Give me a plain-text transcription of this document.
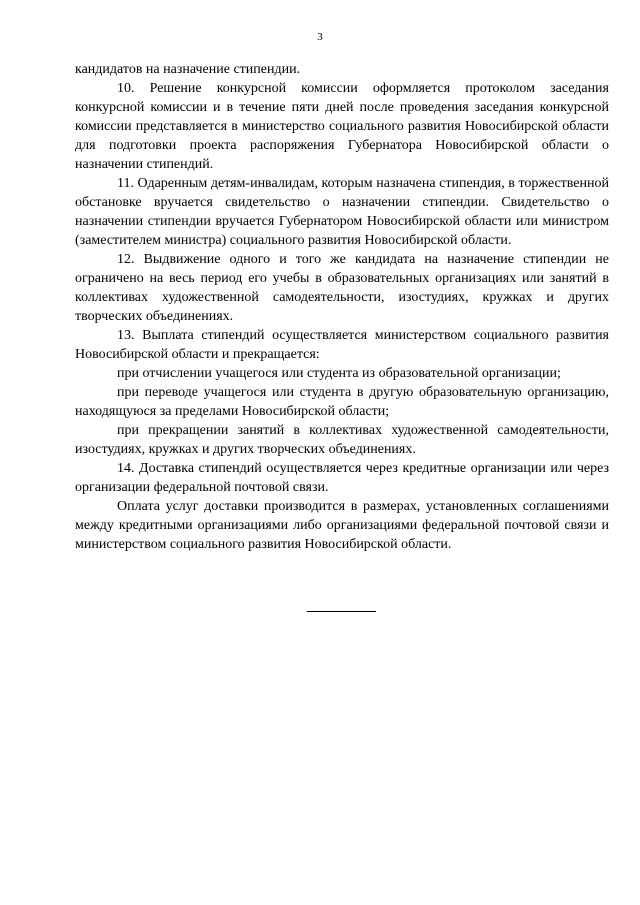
3

кандидатов на назначение стипендии.

10. Решение конкурсной комиссии оформляется протоколом заседания конкурсной комиссии и в течение пяти дней после проведения заседания конкурсной комиссии представляется в министерство социального развития Новосибирской области для подготовки проекта распоряжения Губернатора Новосибирской области о назначении стипендий.

11. Одаренным детям-инвалидам, которым назначена стипендия, в торжественной обстановке вручается свидетельство о назначении стипендии. Свидетельство о назначении стипендии вручается Губернатором Новосибирской области или министром (заместителем министра) социального развития Новосибирской области.

12. Выдвижение одного и того же кандидата на назначение стипендии не ограничено на весь период его учебы в образовательных организациях или занятий в коллективах художественной самодеятельности, изостудиях, кружках и других творческих объединениях.

13. Выплата стипендий осуществляется министерством социального развития Новосибирской области и прекращается:

при отчислении учащегося или студента из образовательной организации;

при переводе учащегося или студента в другую образовательную организацию, находящуюся за пределами Новосибирской области;

при прекращении занятий в коллективах художественной самодеятельности, изостудиях, кружках и других творческих объединениях.

14. Доставка стипендий осуществляется через кредитные организации или через организации федеральной почтовой связи.

Оплата услуг доставки производится в размерах, установленных соглашениями между кредитными организациями либо организациями федеральной почтовой связи и министерством социального развития Новосибирской области.
